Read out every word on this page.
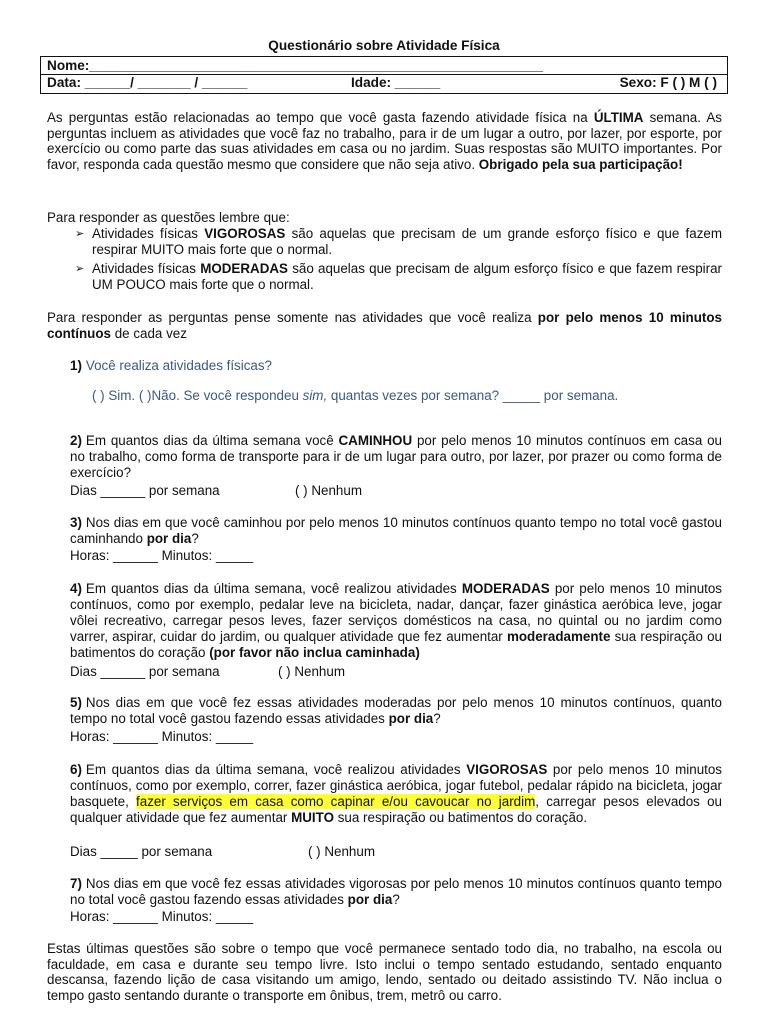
Questionário sobre Atividade Física
Nome:____________________________________________________________
Data: ______/ _______ / ______	Idade: ______	Sexo: F ( ) M ( )

As perguntas estão relacionadas ao tempo que você gasta fazendo atividade física na ÚLTIMA semana. As perguntas incluem as atividades que você faz no trabalho, para ir de um lugar a outro, por lazer, por esporte, por exercício ou como parte das suas atividades em casa ou no jardim. Suas respostas são MUITO importantes. Por favor, responda cada questão mesmo que considere que não seja ativo. Obrigado pela sua participação!

Para responder as questões lembre que:

➢ Atividades físicas VIGOROSAS são aquelas que precisam de um grande esforço físico e que fazem respirar MUITO mais forte que o normal.
➢ Atividades físicas MODERADAS são aquelas que precisam de algum esforço físico e que fazem respirar UM POUCO mais forte que o normal.

Para responder as perguntas pense somente nas atividades que você realiza por pelo menos 10 minutos contínuos de cada vez

1) Você realiza atividades físicas?
( ) Sim. ( )Não. Se você respondeu sim, quantas vezes por semana? _____ por semana.
2) Em quantos dias da última semana você CAMINHOU por pelo menos 10 minutos contínuos em casa ou no trabalho, como forma de transporte para ir de um lugar para outro, por lazer, por prazer ou como forma de exercício?
Dias ______ por semana	( ) Nenhum
3) Nos dias em que você caminhou por pelo menos 10 minutos contínuos quanto tempo no total você gastou caminhando por dia?
Horas: ______ Minutos: _____
4) Em quantos dias da última semana, você realizou atividades MODERADAS por pelo menos 10 minutos contínuos, como por exemplo, pedalar leve na bicicleta, nadar, dançar, fazer ginástica aeróbica leve, jogar vôlei recreativo, carregar pesos leves, fazer serviços domésticos na casa, no quintal ou no jardim como varrer, aspirar, cuidar do jardim, ou qualquer atividade que fez aumentar moderadamente sua respiração ou batimentos do coração (por favor não inclua caminhada)
Dias ______ por semana	( ) Nenhum
5) Nos dias em que você fez essas atividades moderadas por pelo menos 10 minutos contínuos, quanto tempo no total você gastou fazendo essas atividades por dia?
Horas: ______ Minutos: _____
6) Em quantos dias da última semana, você realizou atividades VIGOROSAS por pelo menos 10 minutos contínuos, como por exemplo, correr, fazer ginástica aeróbica, jogar futebol, pedalar rápido na bicicleta, jogar basquete, fazer serviços em casa como capinar e/ou cavoucar no jardim, carregar pesos elevados ou qualquer atividade que fez aumentar MUITO sua respiração ou batimentos do coração.
Dias _____ por semana	( ) Nenhum
7) Nos dias em que você fez essas atividades vigorosas por pelo menos 10 minutos contínuos quanto tempo no total você gastou fazendo essas atividades por dia?
Horas: ______ Minutos: _____

Estas últimas questões são sobre o tempo que você permanece sentado todo dia, no trabalho, na escola ou faculdade, em casa e durante seu tempo livre. Isto inclui o tempo sentado estudando, sentado enquanto descansa, fazendo lição de casa visitando um amigo, lendo, sentado ou deitado assistindo TV. Não inclua o tempo gasto sentando durante o transporte em ônibus, trem, metrô ou carro.
